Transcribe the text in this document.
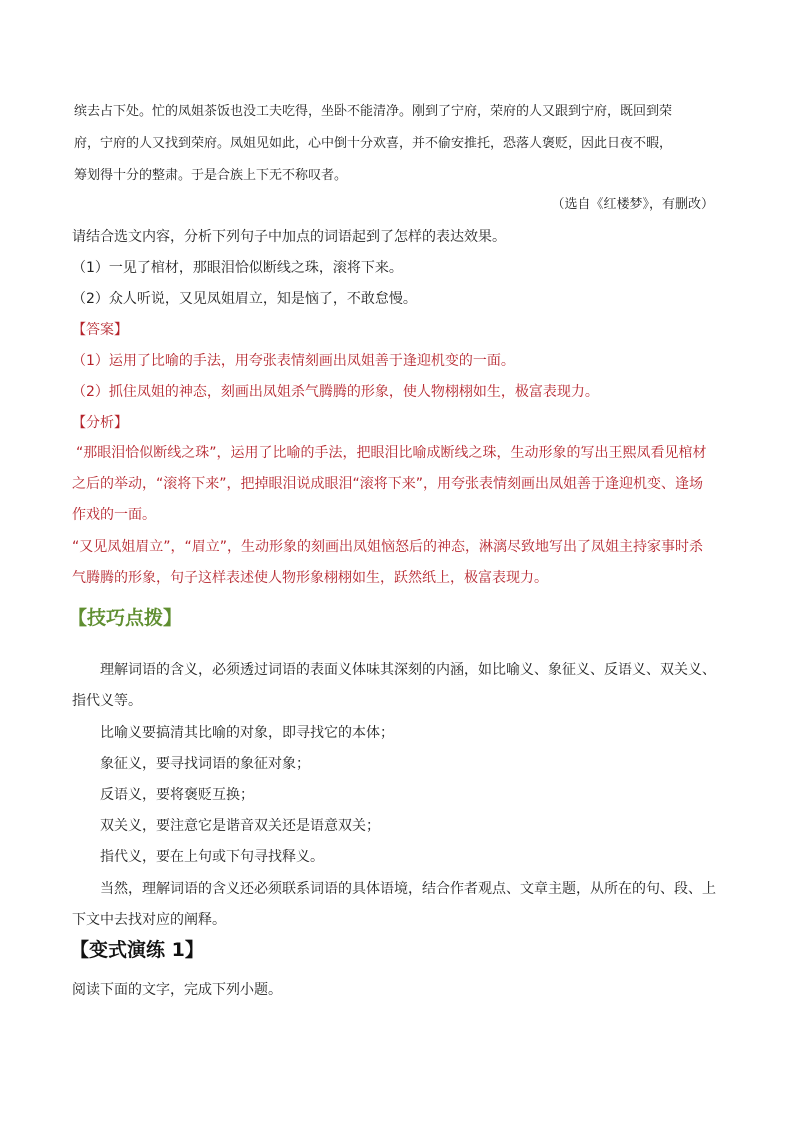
缤去占下处。忙的凤姐茶饭也没工夫吃得，坐卧不能清净。刚到了宁府，荣府的人又跟到宁府，既回到荣
府，宁府的人又找到荣府。凤姐见如此，心中倒十分欢喜，并不偷安推托，恐落人褒贬，因此日夜不暇，
筹划得十分的整肃。于是合族上下无不称叹者。
（选自《红楼梦》，有删改）
请结合选文内容，分析下列句子中加点的词语起到了怎样的表达效果。
（1）一见了棺材，那眼泪恰似断线之珠，滚将下来。
（2）众人听说，又见凤姐眉立，知是恼了，不敢怠慢。
【答案】
（1）运用了比喻的手法，用夸张表情刻画出凤姐善于逢迎机变的一面。
（2）抓住凤姐的神态，刻画出凤姐杀气腾腾的形象，使人物栩栩如生，极富表现力。
【分析】
“那眼泪恰似断线之珠”，运用了比喻的手法，把眼泪比喻成断线之珠，生动形象的写出王熙凤看见棺材
之后的举动，“滚将下来”，把掉眼泪说成眼泪“滚将下来”，用夸张表情刻画出凤姐善于逢迎机变、逢场
作戏的一面。
“又见凤姐眉立”，“眉立”，生动形象的刻画出凤姐恼怒后的神态，淋漓尽致地写出了凤姐主持家事时杀
气腾腾的形象，句子这样表述使人物形象栩栩如生，跃然纸上，极富表现力。
【技巧点拨】
理解词语的含义，必须透过词语的表面义体味其深刻的内涵，如比喻义、象征义、反语义、双关义、
指代义等。
比喻义要搞清其比喻的对象，即寻找它的本体；
象征义，要寻找词语的象征对象；
反语义，要将褒贬互换；
双关义，要注意它是谐音双关还是语意双关；
指代义，要在上句或下句寻找释义。
当然，理解词语的含义还必须联系词语的具体语境，结合作者观点、文章主题，从所在的句、段、上
下文中去找对应的阐释。
【变式演练 1】
阅读下面的文字，完成下列小题。
